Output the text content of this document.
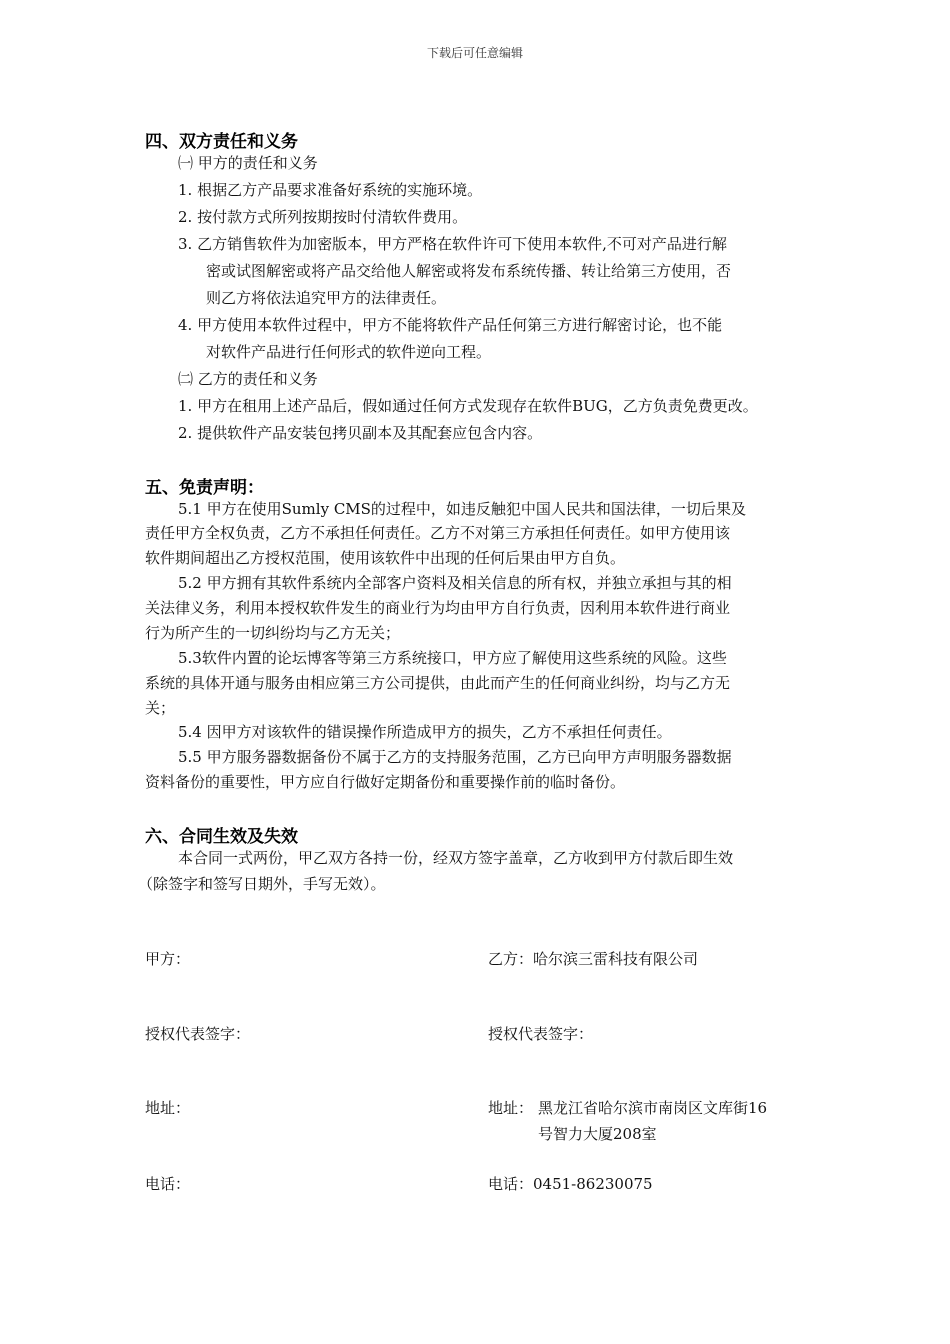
下载后可任意编辑
四、双方责任和义务
㈠ 甲方的责任和义务
1. 根据乙方产品要求准备好系统的实施环境。
2. 按付款方式所列按期按时付清软件费用。
3. 乙方销售软件为加密版本，甲方严格在软件许可下使用本软件,不可对产品进行解
密或试图解密或将产品交给他人解密或将发布系统传播、转让给第三方使用，否
则乙方将依法追究甲方的法律责任。
4. 甲方使用本软件过程中，甲方不能将软件产品任何第三方进行解密讨论，也不能
对软件产品进行任何形式的软件逆向工程。
㈡ 乙方的责任和义务
1. 甲方在租用上述产品后，假如通过任何方式发现存在软件BUG，乙方负责免费更改。
2. 提供软件产品安装包拷贝副本及其配套应包含内容。
五、免责声明：
5.1 甲方在使用Sumly CMS的过程中，如违反触犯中国人民共和国法律，一切后果及
责任甲方全权负责，乙方不承担任何责任。乙方不对第三方承担任何责任。如甲方使用该
软件期间超出乙方授权范围，使用该软件中出现的任何后果由甲方自负。
5.2 甲方拥有其软件系统内全部客户资料及相关信息的所有权，并独立承担与其的相
关法律义务，利用本授权软件发生的商业行为均由甲方自行负责，因利用本软件进行商业
行为所产生的一切纠纷均与乙方无关；
5.3软件内置的论坛博客等第三方系统接口，甲方应了解使用这些系统的风险。这些
系统的具体开通与服务由相应第三方公司提供，由此而产生的任何商业纠纷，均与乙方无
关；
5.4 因甲方对该软件的错误操作所造成甲方的损失，乙方不承担任何责任。
5.5 甲方服务器数据备份不属于乙方的支持服务范围，乙方已向甲方声明服务器数据
资料备份的重要性，甲方应自行做好定期备份和重要操作前的临时备份。
六、合同生效及失效
本合同一式两份，甲乙双方各持一份，经双方签字盖章，乙方收到甲方付款后即生效
（除签字和签写日期外，手写无效）。
甲方：	乙方：哈尔滨三雷科技有限公司
授权代表签字：	授权代表签字：
地址：	地址： 黑龙江省哈尔滨市南岗区文库街16
号智力大厦208室
电话：	电话：0451-86230075
